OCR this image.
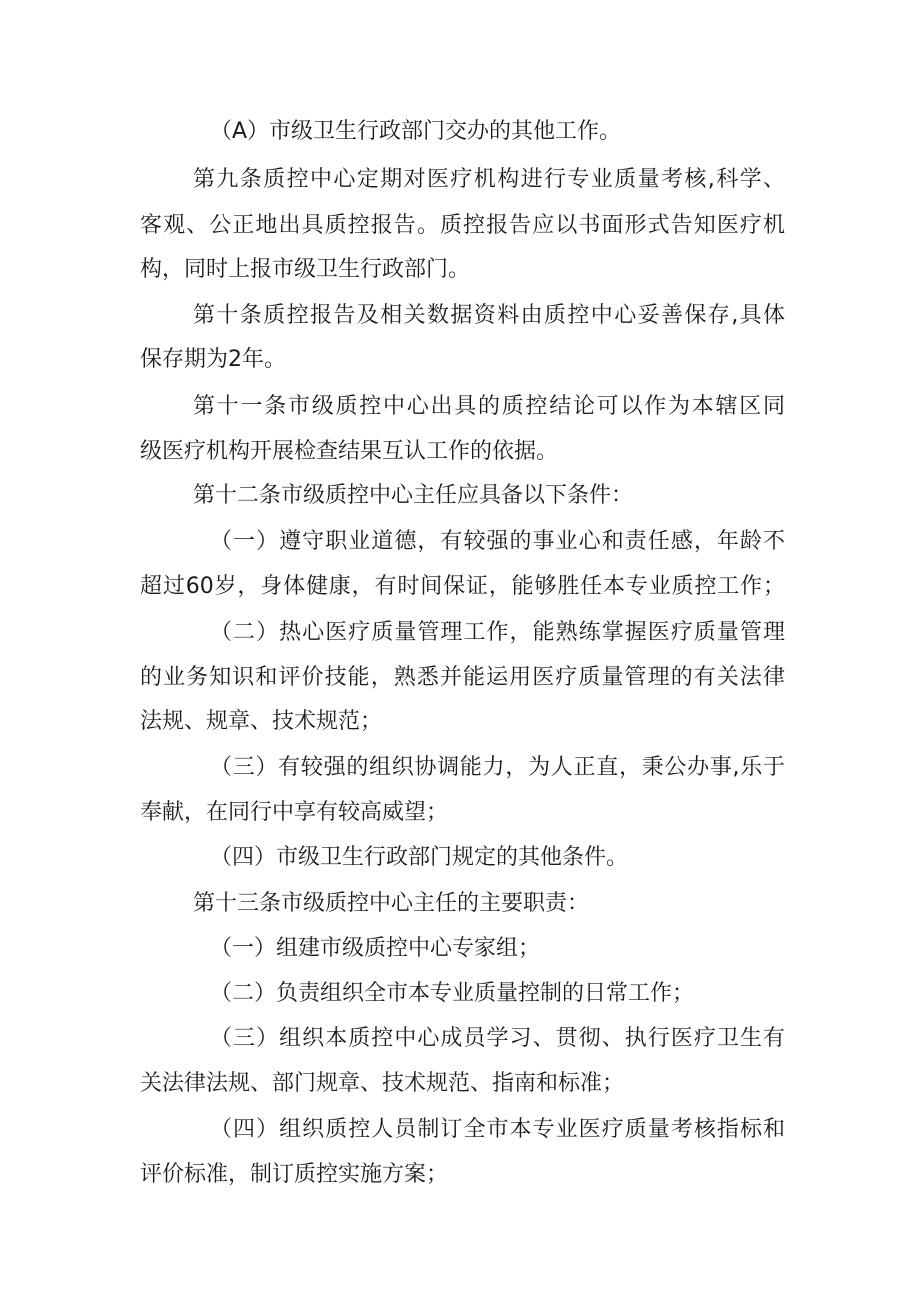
（A）市级卫生行政部门交办的其他工作。
第九条质控中心定期对医疗机构进行专业质量考核,科学、
客观、公正地出具质控报告。质控报告应以书面形式告知医疗机
构，同时上报市级卫生行政部门。
第十条质控报告及相关数据资料由质控中心妥善保存,具体
保存期为2年。
第十一条市级质控中心出具的质控结论可以作为本辖区同
级医疗机构开展检查结果互认工作的依据。
第十二条市级质控中心主任应具备以下条件：
（一）遵守职业道德，有较强的事业心和责任感，年龄不
超过60岁，身体健康，有时间保证，能够胜任本专业质控工作；
（二）热心医疗质量管理工作，能熟练掌握医疗质量管理
的业务知识和评价技能，熟悉并能运用医疗质量管理的有关法律
法规、规章、技术规范；
（三）有较强的组织协调能力，为人正直，秉公办事,乐于
奉献，在同行中享有较高威望；
（四）市级卫生行政部门规定的其他条件。
第十三条市级质控中心主任的主要职责：
（一）组建市级质控中心专家组；
（二）负责组织全市本专业质量控制的日常工作；
（三）组织本质控中心成员学习、贯彻、执行医疗卫生有
关法律法规、部门规章、技术规范、指南和标准；
（四）组织质控人员制订全市本专业医疗质量考核指标和
评价标准，制订质控实施方案；
